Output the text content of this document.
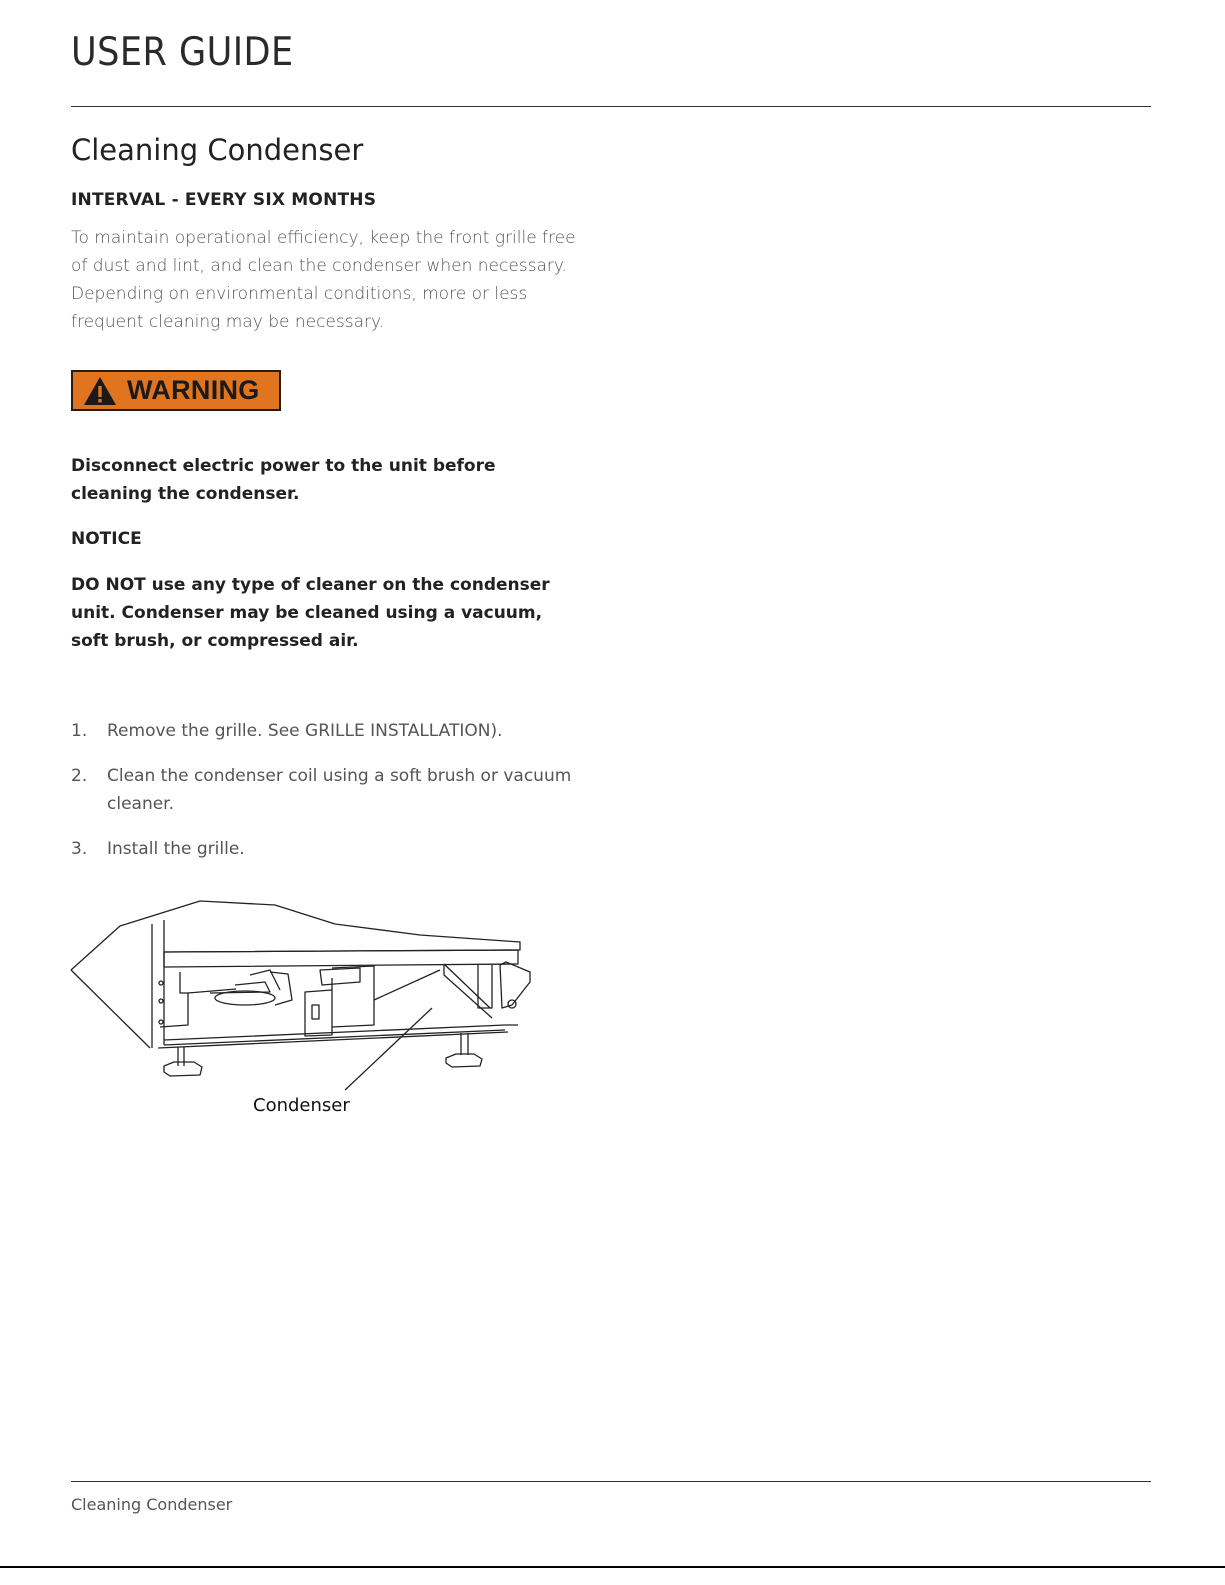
USER GUIDE
Cleaning Condenser
INTERVAL - EVERY SIX MONTHS
To maintain operational efficiency, keep the front grille free of dust and lint, and clean the condenser when necessary. Depending on environmental conditions, more or less frequent cleaning may be necessary.
WARNING
Disconnect electric power to the unit before cleaning the condenser.
NOTICE
DO NOT use any type of cleaner on the condenser unit. Condenser may be cleaned using a vacuum, soft brush, or compressed air.
1.	Remove the grille. See GRILLE INSTALLATION).
2.	Clean the condenser coil using a soft brush or vacuum cleaner.
3.	Install the grille.
Condenser
Cleaning Condenser
